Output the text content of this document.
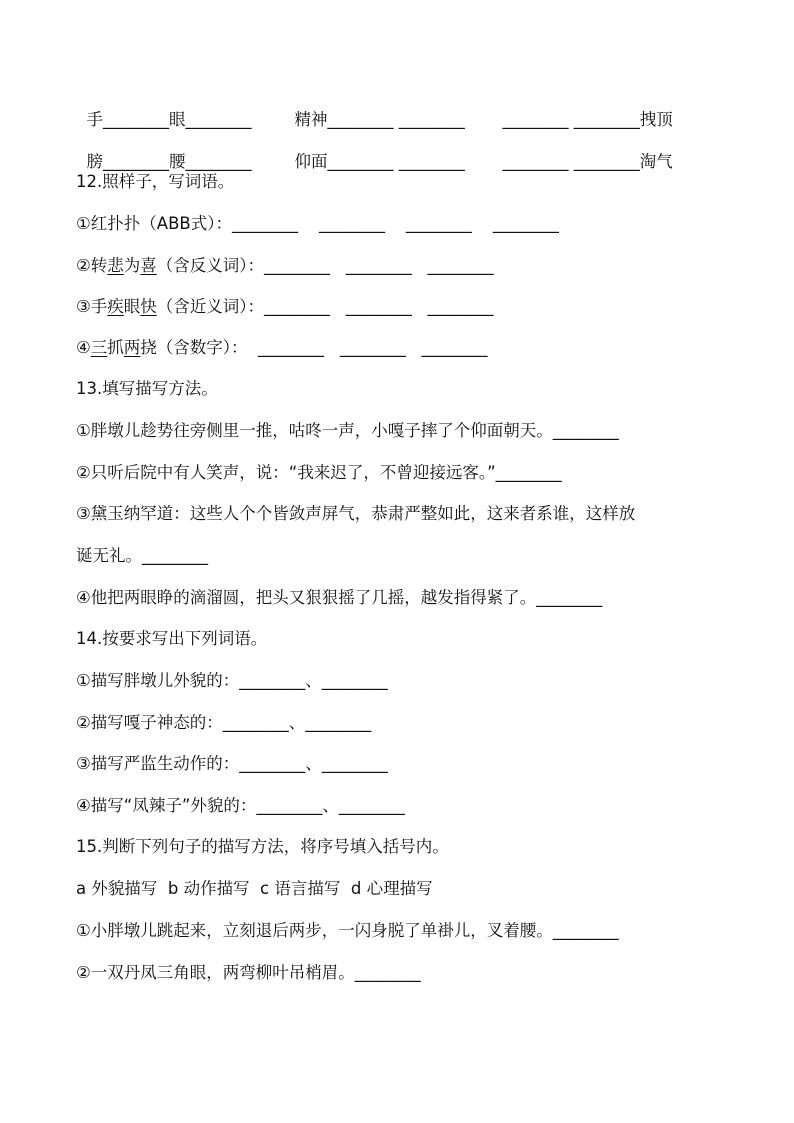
手________眼________	精神________ ________ ________ ________拽顶

膀________腰________	仰面________ ________ ________ ________淘气

12.照样子，写词语。
①红扑扑（ABB式）：________    ________    ________    ________
②转悲为喜（含反义词）：________   ________   ________
③手疾眼快（含近义词）：________   ________   ________
④三抓两挠（含数字）：  ________   ________   ________
13.填写描写方法。
①胖墩儿趁势往旁侧里一推，咕咚一声，小嘎子摔了个仰面朝天。________
②只听后院中有人笑声，说：“我来迟了，不曾迎接远客。”________
③黛玉纳罕道：这些人个个皆敛声屏气，恭肃严整如此，这来者系谁，这样放
诞无礼。________
④他把两眼睁的滴溜圆，把头又狠狠摇了几摇，越发指得紧了。________
14.按要求写出下列词语。
①描写胖墩儿外貌的：________、________
②描写嘎子神态的：________、________
③描写严监生动作的：________、________
④描写“凤辣子”外貌的：________、________
15.判断下列句子的描写方法，将序号填入括号内。
a 外貌描写  b 动作描写  c 语言描写  d 心理描写
①小胖墩儿跳起来，立刻退后两步，一闪身脱了单褂儿，叉着腰。________
②一双丹凤三角眼，两弯柳叶吊梢眉。________
